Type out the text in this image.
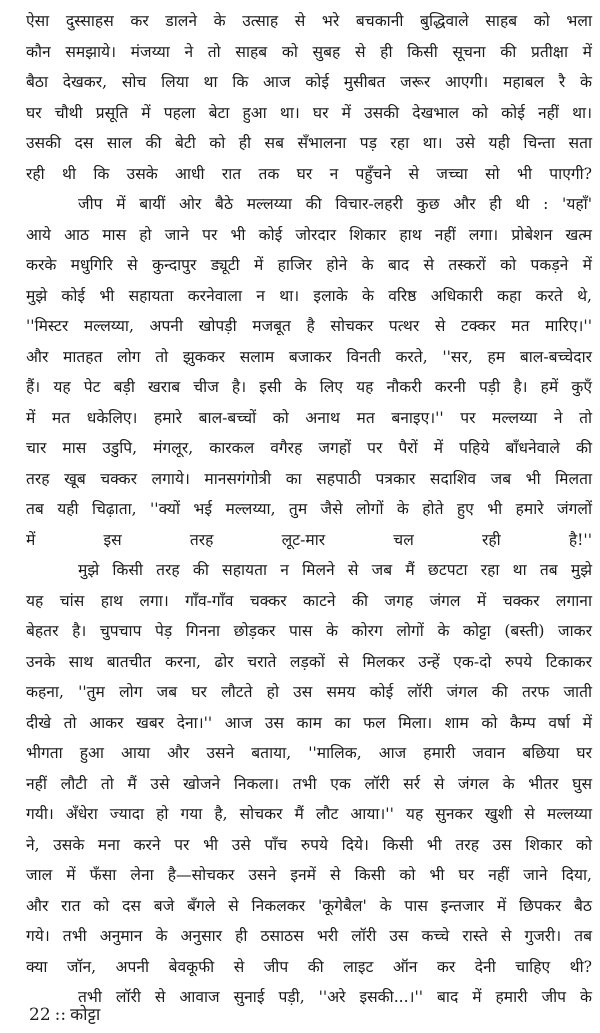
ऐसा दुस्साहस कर डालने के उत्साह से भरे बचकानी बुद्धिवाले साहब को भला
कौन समझाये। मंजय्या ने तो साहब को सुबह से ही किसी सूचना की प्रतीक्षा में
बैठा देखकर, सोच लिया था कि आज कोई मुसीबत जरूर आएगी। महाबल रै के
घर चौथी प्रसूति में पहला बेटा हुआ था। घर में उसकी देखभाल को कोई नहीं था।
उसकी दस साल की बेटी को ही सब सँभालना पड़ रहा था। उसे यही चिन्ता सता
रही थी कि उसके आधी रात तक घर न पहुँचने से जच्चा सो भी पाएगी?
जीप में बायीं ओर बैठे मल्लय्या की विचार-लहरी कुछ और ही थी : 'यहाँ'
आये आठ मास हो जाने पर भी कोई जोरदार शिकार हाथ नहीं लगा। प्रोबेशन खत्म
करके मधुगिरि से कुन्दापुर ड्यूटी में हाजिर होने के बाद से तस्करों को पकड़ने में
मुझे कोई भी सहायता करनेवाला न था। इलाके के वरिष्ठ अधिकारी कहा करते थे,
''मिस्टर मल्लय्या, अपनी खोपड़ी मजबूत है सोचकर पत्थर से टक्कर मत मारिए।''
और मातहत लोग तो झुककर सलाम बजाकर विनती करते, ''सर, हम बाल-बच्चेदार
हैं। यह पेट बड़ी खराब चीज है। इसी के लिए यह नौकरी करनी पड़ी है। हमें कुएँ
में मत धकेलिए। हमारे बाल-बच्चों को अनाथ मत बनाइए।'' पर मल्लय्या ने तो
चार मास उडुपि, मंगलूर, कारकल वगैरह जगहों पर पैरों में पहिये बाँधनेवाले की
तरह खूब चक्कर लगाये। मानसगंगोत्री का सहपाठी पत्रकार सदाशिव जब भी मिलता
तब यही चिढ़ाता, ''क्यों भई मल्लय्या, तुम जैसे लोगों के होते हुए भी हमारे जंगलों
में इस तरह लूट-मार चल रही है!''
मुझे किसी तरह की सहायता न मिलने से जब मैं छटपटा रहा था तब मुझे
यह चांस हाथ लगा। गाँव-गाँव चक्कर काटने की जगह जंगल में चक्कर लगाना
बेहतर है। चुपचाप पेड़ गिनना छोड़कर पास के कोरग लोगों के कोट्टा (बस्ती) जाकर
उनके साथ बातचीत करना, ढोर चराते लड़कों से मिलकर उन्हें एक-दो रुपये टिकाकर
कहना, ''तुम लोग जब घर लौटते हो उस समय कोई लॉरी जंगल की तरफ जाती
दीखे तो आकर खबर देना।'' आज उस काम का फल मिला। शाम को कैम्प वर्षा में
भीगता हुआ आया और उसने बताया, ''मालिक, आज हमारी जवान बछिया घर
नहीं लौटी तो मैं उसे खोजने निकला। तभी एक लॉरी सर्र से जंगल के भीतर घुस
गयी। अँधेरा ज्यादा हो गया है, सोचकर मैं लौट आया।'' यह सुनकर खुशी से मल्लय्या
ने, उसके मना करने पर भी उसे पाँच रुपये दिये। किसी भी तरह उस शिकार को
जाल में फँसा लेना है—सोचकर उसने इनमें से किसी को भी घर नहीं जाने दिया,
और रात को दस बजे बँगले से निकलकर 'कूगेबैल' के पास इन्तजार में छिपकर बैठ
गये। तभी अनुमान के अनुसार ही ठसाठस भरी लॉरी उस कच्चे रास्ते से गुजरी। तब
क्या जॉन, अपनी बेवकूफी से जीप की लाइट ऑन कर देनी चाहिए थी?
तभी लॉरी से आवाज सुनाई पड़ी, ''अरे इसकी...।'' बाद में हमारी जीप के
22 :: कोट्टा
